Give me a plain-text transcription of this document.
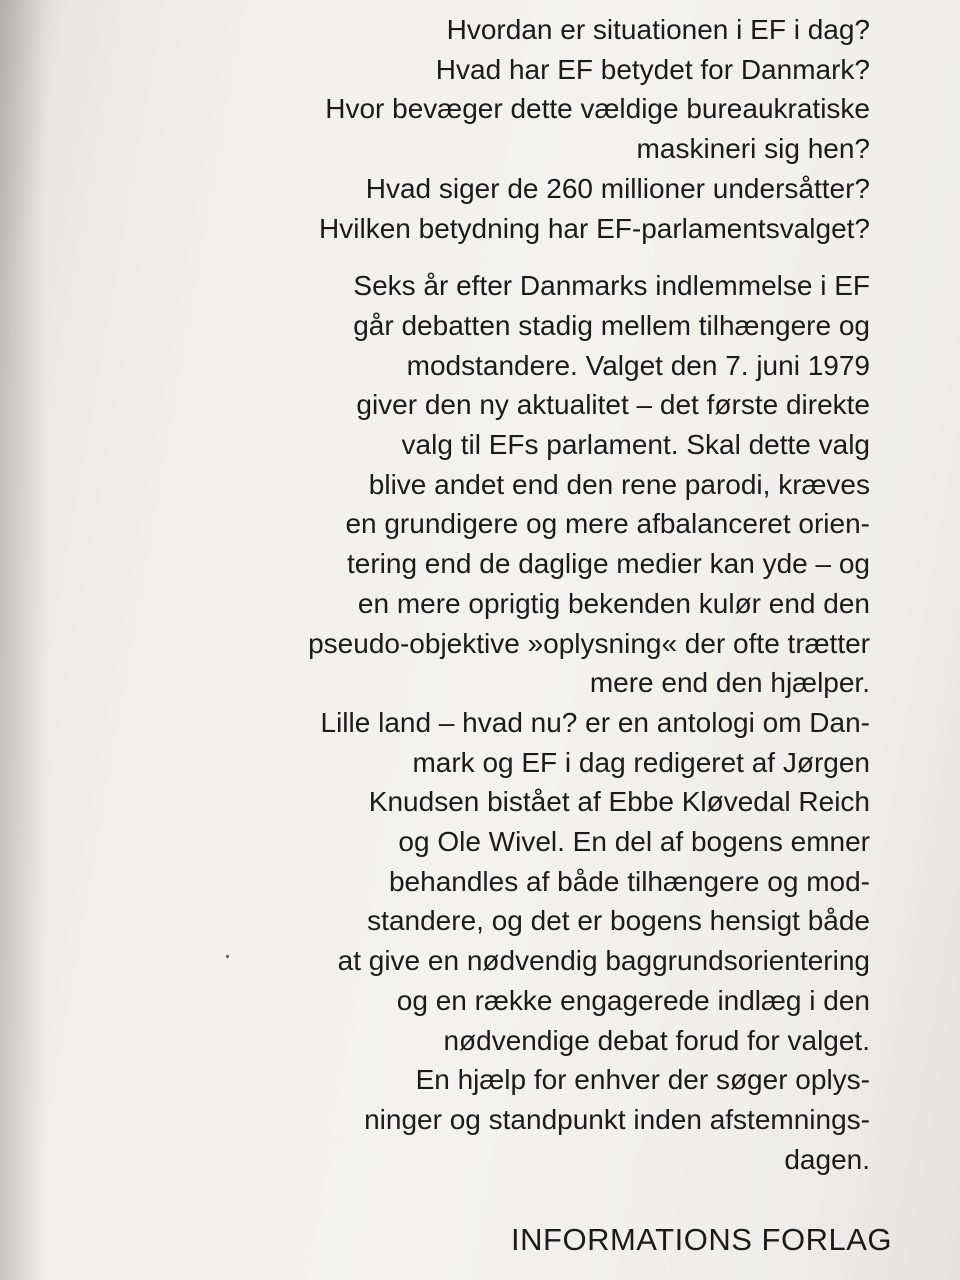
Hvordan er situationen i EF i dag?

Hvad har EF betydet for Danmark?

Hvor bevæger dette vældige bureaukratiske

maskineri sig hen?

Hvad siger de 260 millioner undersåtter?

Hvilken betydning har EF-parlamentsvalget?

Seks år efter Danmarks indlemmelse i EF

går debatten stadig mellem tilhængere og

modstandere. Valget den 7. juni 1979

giver den ny aktualitet – det første direkte

valg til EFs parlament. Skal dette valg

blive andet end den rene parodi, kræves

en grundigere og mere afbalanceret orien-

tering end de daglige medier kan yde – og

en mere oprigtig bekenden kulør end den

pseudo-objektive »oplysning« der ofte trætter

mere end den hjælper.

Lille land – hvad nu? er en antologi om Dan-

mark og EF i dag redigeret af Jørgen

Knudsen bistået af Ebbe Kløvedal Reich

og Ole Wivel. En del af bogens emner

behandles af både tilhængere og mod-

standere, og det er bogens hensigt både

at give en nødvendig baggrundsorientering

og en række engagerede indlæg i den

nødvendige debat forud for valget.

En hjælp for enhver der søger oplys-

ninger og standpunkt inden afstemnings-

dagen.

INFORMATIONS FORLAG
